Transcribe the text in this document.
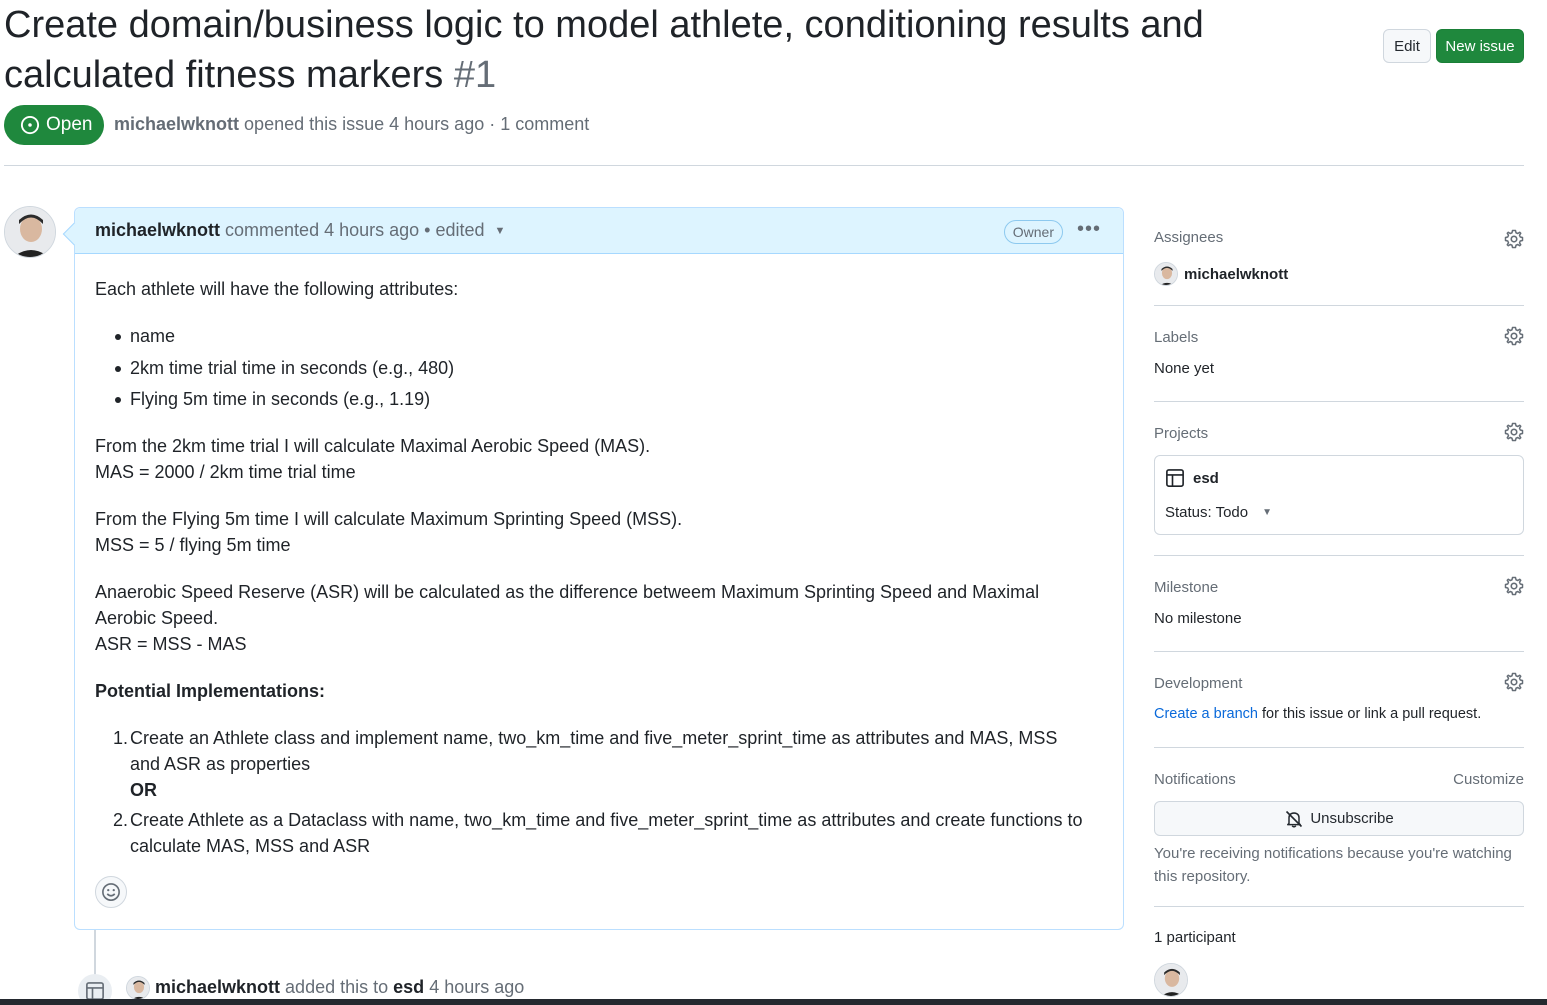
Create domain/business logic to model athlete, conditioning results and calculated fitness markers #1
Edit	New issue
Open michaelwknott opened this issue 4 hours ago · 1 comment
michaelwknott commented 4 hours ago • edited ▼	Owner	•••

Each athlete will have the following attributes:

name
2km time trial time in seconds (e.g., 480)
Flying 5m time in seconds (e.g., 1.19)

From the 2km time trial I will calculate Maximal Aerobic Speed (MAS).
MAS = 2000 / 2km time trial time

From the Flying 5m time I will calculate Maximum Sprinting Speed (MSS).
MSS = 5 / flying 5m time

Anaerobic Speed Reserve (ASR) will be calculated as the difference betweem Maximum Sprinting Speed and Maximal Aerobic Speed.
ASR = MSS - MAS

Potential Implementations:

1. Create an Athlete class and implement name, two_km_time and five_meter_sprint_time as attributes and MAS, MSS and ASR as properties
OR
2. Create Athlete as a Dataclass with name, two_km_time and five_meter_sprint_time as attributes and create functions to calculate MAS, MSS and ASR
michaelwknott added this to esd 4 hours ago
Assignees
michaelwknott
Labels
None yet
Projects
esd
Status: Todo ▼
Milestone
No milestone
Development
Create a branch for this issue or link a pull request.
Notifications	Customize
Unsubscribe
You're receiving notifications because you're watching this repository.
1 participant
